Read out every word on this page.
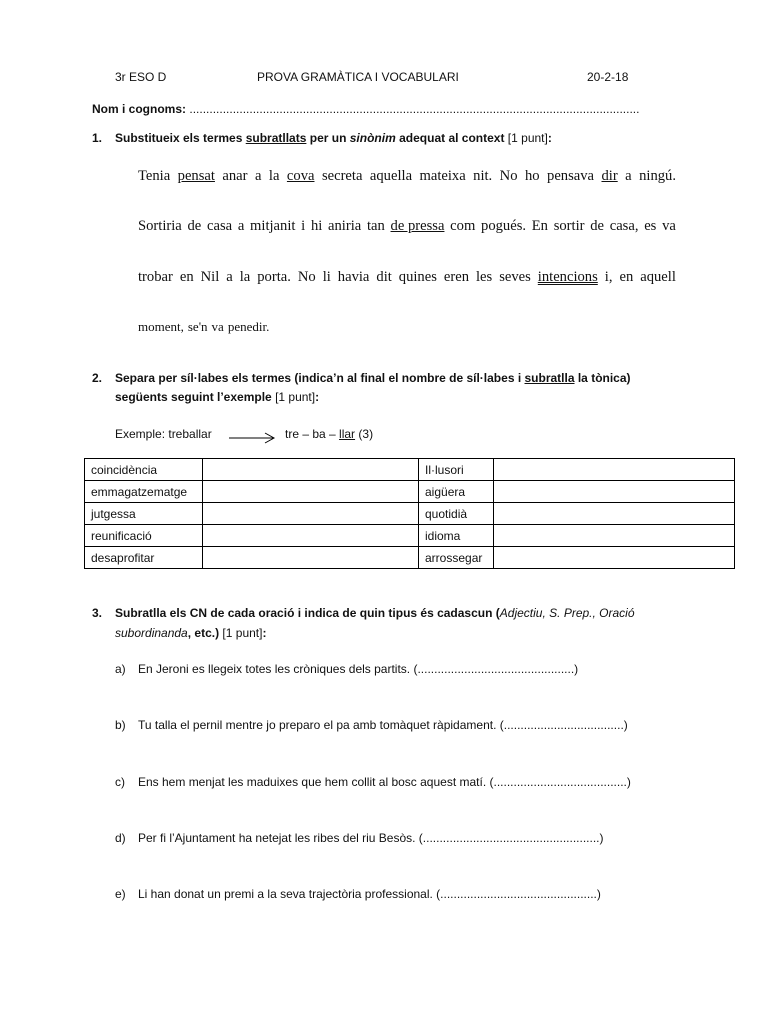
3r ESO D	PROVA GRAMÀTICA I VOCABULARI	20-2-18
Nom i cognoms: .......................................................................................................................................
1. Substitueix els termes subratllats per un sinònim adequat al context [1 punt]:
Tenia pensat anar a la cova secreta aquella mateixa nit. No ho pensava dir a ningú.
Sortiria de casa a mitjanit i hi aniria tan de pressa com pogués. En sortir de casa, es va
trobar en Nil a la porta. No li havia dit quines eren les seves intencions i, en aquell
moment, se'n va penedir.
2. Separa per síl·labes els termes (indica’n al final el nombre de síl·labes i subratlla la tònica)
següents seguint l’exemple [1 punt]:
Exemple: treballar	tre – ba – llar (3)
coincidència		Il·lusori	
emmagatzematge		aigüera	
jutgessa		quotidià	
reunificació		idioma	
desaprofitar		arrossegar	
3. Subratlla els CN de cada oració i indica de quin tipus és cadascun (Adjectiu, S. Prep., Oració
subordinanda, etc.) [1 punt]:
a) En Jeroni es llegeix totes les cròniques dels partits. (...............................................)
b) Tu talla el pernil mentre jo preparo el pa amb tomàquet ràpidament. (....................................)
c) Ens hem menjat les maduixes que hem collit al bosc aquest matí. (........................................)
d) Per fi l’Ajuntament ha netejat les ribes del riu Besòs. (.....................................................)
e) Li han donat un premi a la seva trajectòria professional. (...............................................)
